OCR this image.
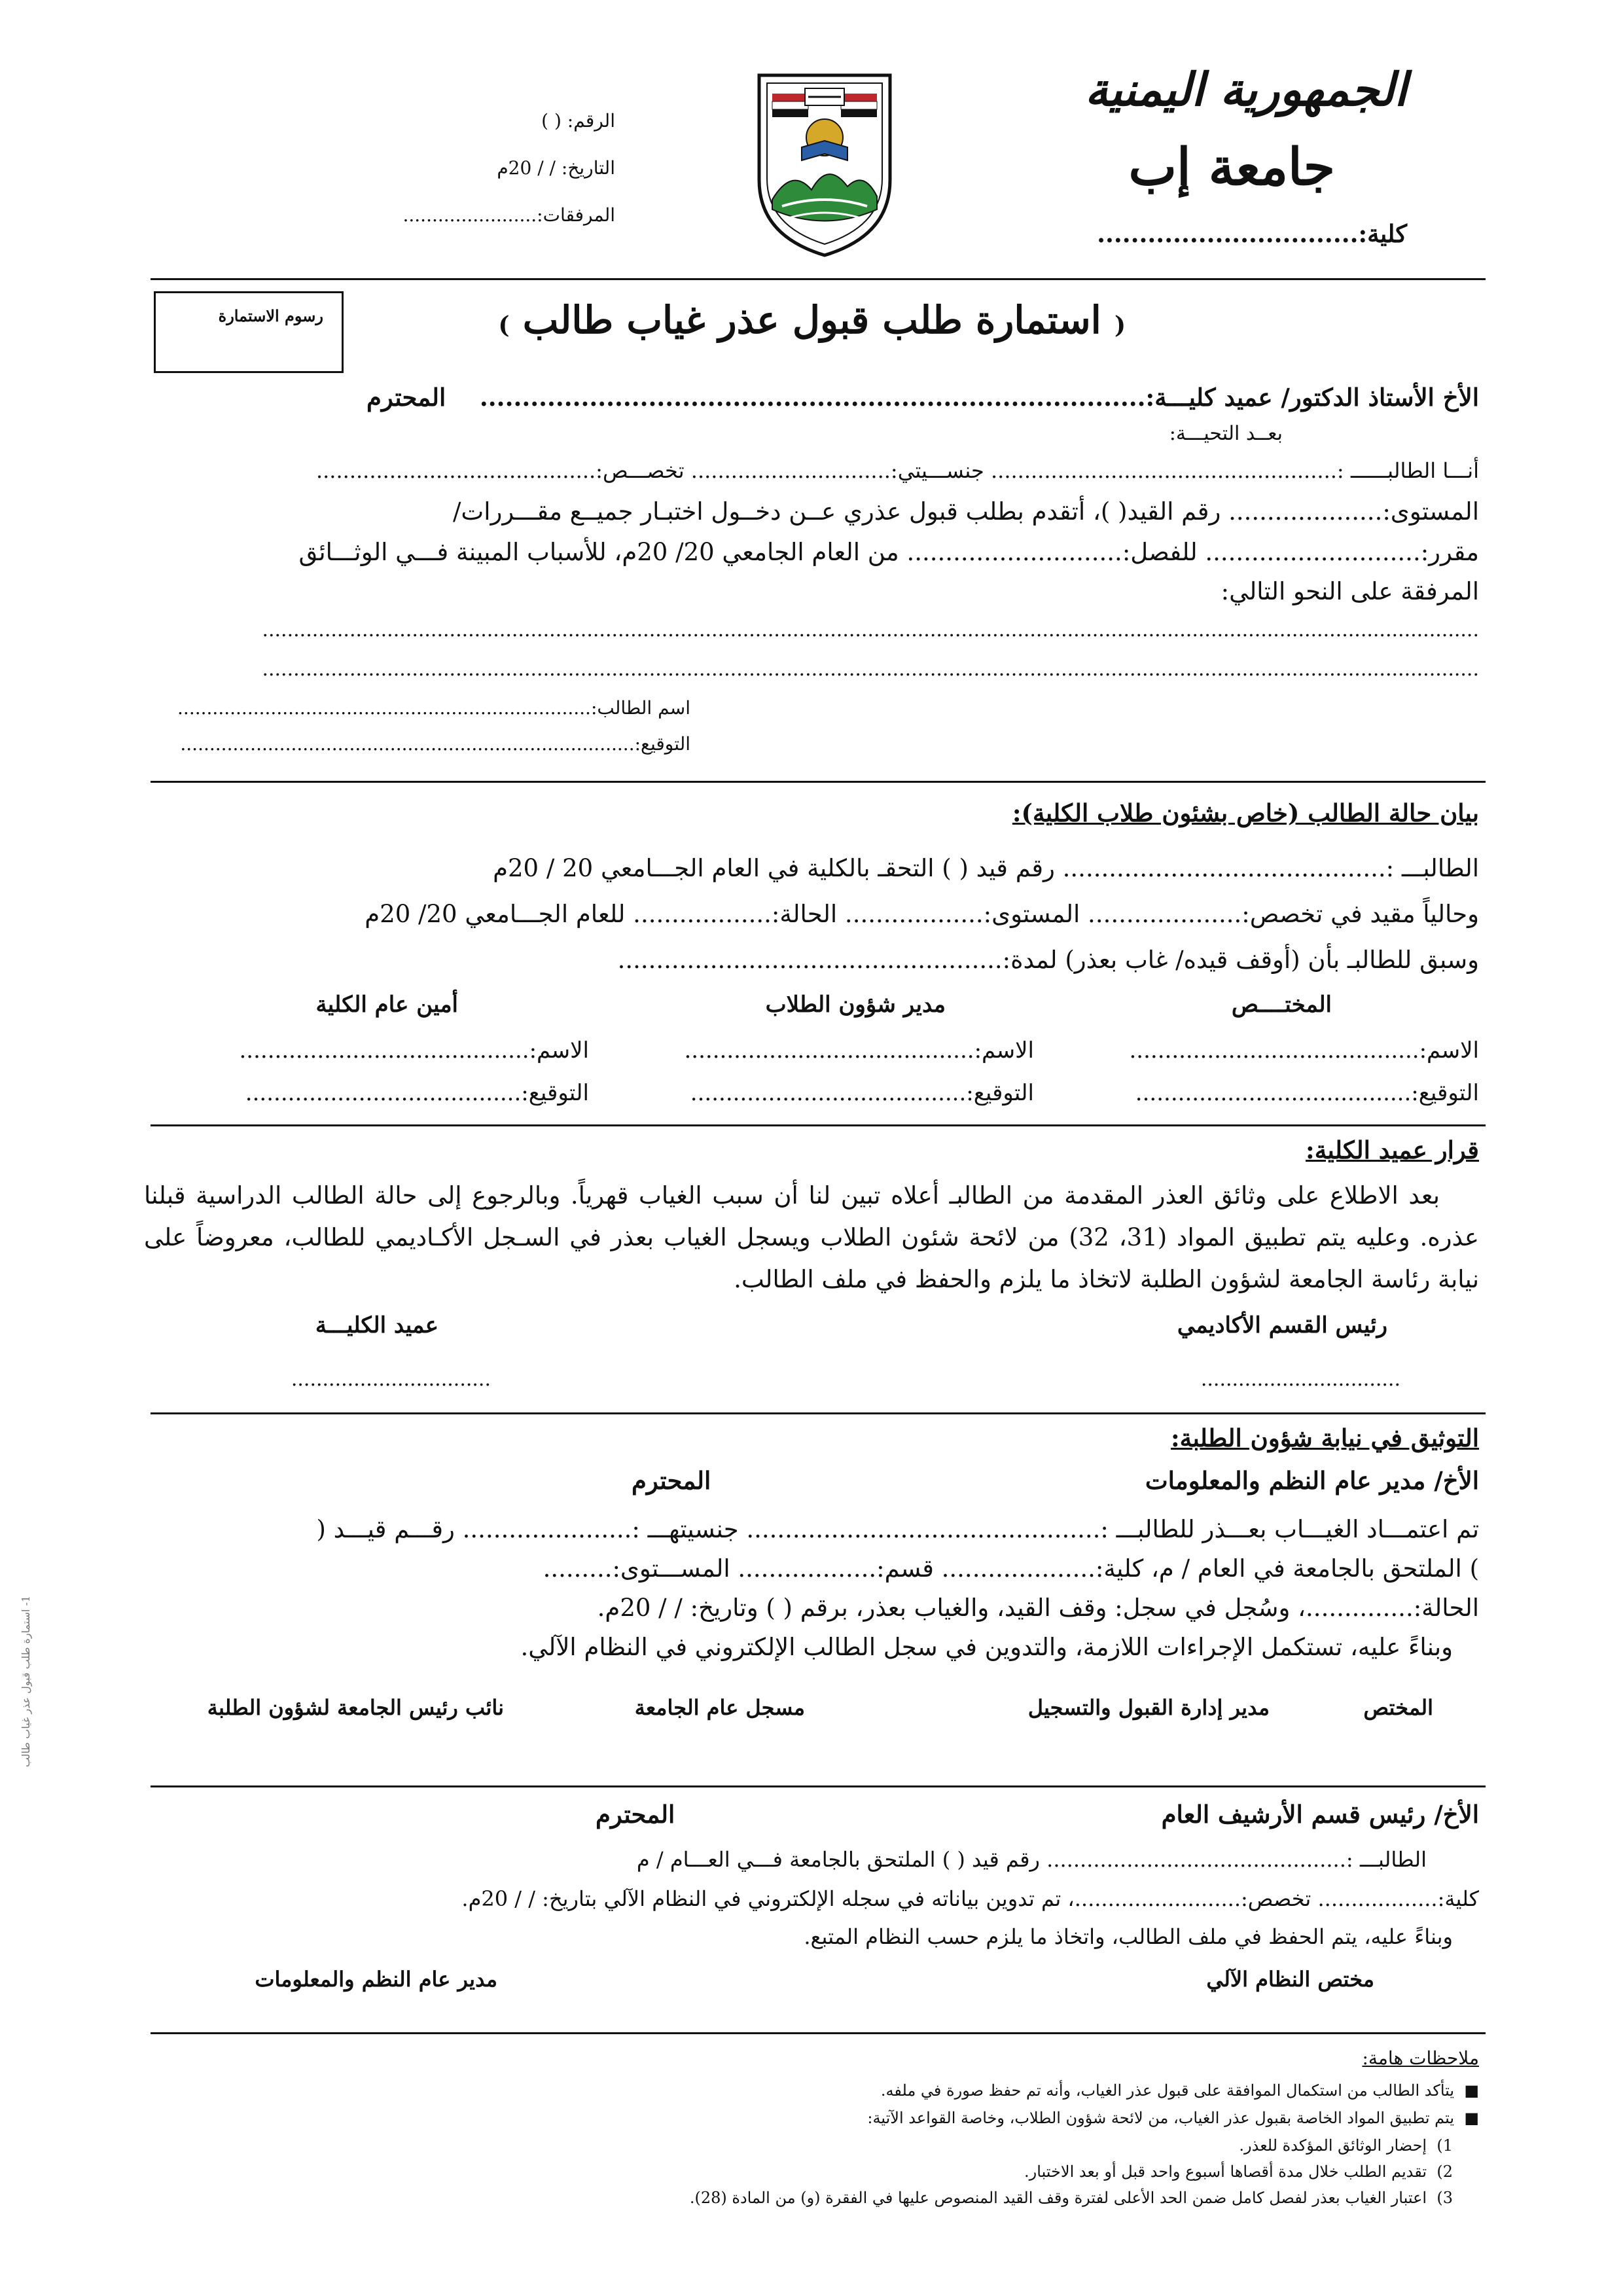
الجمهورية اليمنية
جامعة إب
كلية:...............................
الرقم: ( )
التاريخ: / / 20م
المرفقات:.......................
رسوم الاستمارة	( استمارة طلب قبول عذر غياب طالب )
الأخ الأستاذ الدكتور/ عميد كليـــة:...............................................................................
المحترم
بعــد التحيـــة:
أنـــا الطالبــــــ :.................................................... جنســـيتي:.............................. تخصـــص:..........................................
المستوى:.................... رقم القيد( )، أتقدم بطلب قبول عذري عــن دخــول اختبـار جميــع مقـــررات/
مقرر:............................ للفصل:............................ من العام الجامعي 20/ 20م، للأسباب المبينة فـــي الوثـــائق
المرفقة على النحو التالي:
...................................................................................................................................................................................................
...................................................................................................................................................................................................
اسم الطالب:.......................................................................
التوقيع:..............................................................................
بيان حالة الطالب (خاص بشئون طلاب الكلية):
الطالبـــ :.......................................... رقم قيد ( ) التحقـ بالكلية في العام الجـــامعي 20 / 20م
وحالياً مقيد في تخصص:.................... المستوى:.................. الحالة:.................. للعام الجـــامعي 20/ 20م
وسبق للطالبـ بأن (أوقف قيده/ غاب بعذر) لمدة:..................................................
المختــــص
مدير شؤون الطلاب
أمين عام الكلية
الاسم:.........................................
الاسم:.........................................
الاسم:.........................................
التوقيع:.......................................
التوقيع:.......................................
التوقيع:.......................................
قرار عميد الكلية:
بعد الاطلاع على وثائق العذر المقدمة من الطالبـ أعلاه تبين لنا أن سبب الغياب قهرياً. وبالرجوع إلى حالة الطالب الدراسية قبلنا عذره. وعليه يتم تطبيق المواد (31، 32) من لائحة شئون الطلاب ويسجل الغياب بعذر في السـجل الأكـاديمي للطالب، معروضاً على نيابة رئاسة الجامعة لشؤون الطلبة لاتخاذ ما يلزم والحفظ في ملف الطالب.
رئيس القسم الأكاديمي
عميد الكليـــة
................................
................................
التوثيق في نيابة شؤون الطلبة:
الأخ/ مدير عام النظم والمعلومات
المحترم
تم اعتمـــاد الغيـــاب بعـــذر للطالبـــ :.............................................. جنسيتهـــ :...................... رقـــم قيـــد (
) الملتحق بالجامعة في العام / م، كلية:.................... قسم:.................. المســـتوى:.........
الحالة:..............، وسُجل في سجل: وقف القيد، والغياب بعذر، برقم ( ) وتاريخ: / / 20م.
وبناءً عليه، تستكمل الإجراءات اللازمة، والتدوين في سجل الطالب الإلكتروني في النظام الآلي.
المختص
مدير إدارة القبول والتسجيل
مسجل عام الجامعة
نائب رئيس الجامعة لشؤون الطلبة
الأخ/ رئيس قسم الأرشيف العام
المحترم
الطالبـــ :............................................. رقم قيد ( ) الملتحق بالجامعة فـــي العـــام / م
كلية:.................. تخصص:.........................، تم تدوين بياناته في سجله الإلكتروني في النظام الآلي بتاريخ: / / 20م.
وبناءً عليه، يتم الحفظ في ملف الطالب، واتخاذ ما يلزم حسب النظام المتبع.
مختص النظام الآلي
مدير عام النظم والمعلومات
ملاحظات هامة:
■  يتأكد الطالب من استكمال الموافقة على قبول عذر الغياب، وأنه تم حفظ صورة في ملفه.
■  يتم تطبيق المواد الخاصة بقبول عذر الغياب، من لائحة شؤون الطلاب، وخاصة القواعد الآتية:
1)  إحضار الوثائق المؤكدة للعذر.
2)  تقديم الطلب خلال مدة أقصاها أسبوع واحد قبل أو بعد الاختبار.
3)  اعتبار الغياب بعذر لفصل كامل ضمن الحد الأعلى لفترة وقف القيد المنصوص عليها في الفقرة (و) من المادة (28).
1- استمارة طلب قبول عذر غياب طالب
